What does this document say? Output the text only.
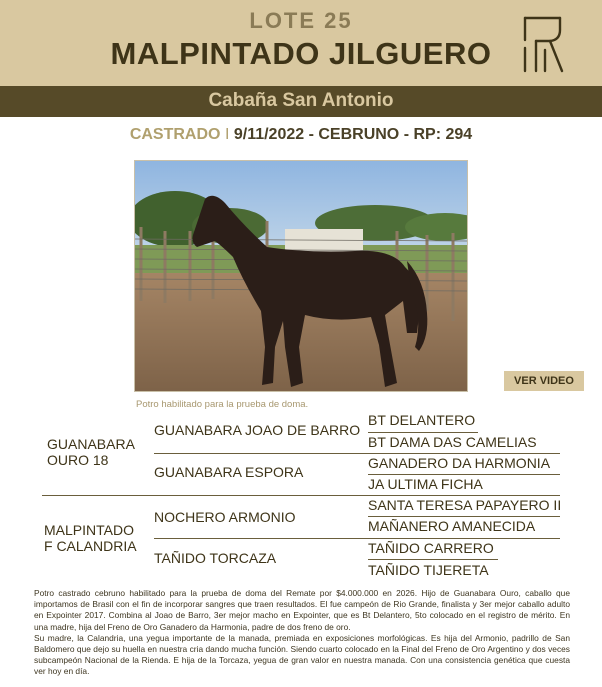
LOTE 25
MALPINTADO JILGUERO
Cabaña San Antonio
CASTRADO I 9/11/2022 - CEBRUNO - RP: 294
VER VIDEO
Potro habilitado para la prueba de doma.
GUANABARA
OURO 18
GUANABARA JOAO DE BARRO
BT DELANTERO
BT DAMA DAS CAMELIAS
GUANABARA ESPORA
GANADERO DA HARMONIA
JA ULTIMA FICHA
MALPINTADO
F CALANDRIA
NOCHERO ARMONIO
SANTA TERESA PAPAYERO II
MAÑANERO AMANECIDA
TAÑIDO TORCAZA
TAÑIDO CARRERO
TAÑIDO TIJERETA

Potro castrado cebruno habilitado para la prueba de doma del Remate por $4.000.000 en 2026. Hijo de Guanabara Ouro, caballo que importamos de Brasil con el fin de incorporar sangres que traen resultados. El fue campeón de Rio Grande, finalista y 3er mejor caballo adulto en Expointer 2017. Combina al Joao de Barro, 3er mejor macho en Expointer, que es Bt Delantero, 5to colocado en el registro de mérito. En una madre, hija del Freno de Oro Ganadero da Harmonia, padre de dos freno de oro.

Su madre, la Calandria, una yegua importante de la manada, premiada en exposiciones morfológicas. Es hija del Armonio, padrillo de San Baldomero que dejo su huella en nuestra cria dando mucha función. Siendo cuarto colocado en la Final del Freno de Oro Argentino y dos veces subcampeón Nacional de la Rienda. E hija de la Torcaza, yegua de gran valor en nuestra manada. Con una consistencia genética que cuesta ver hoy en día.
